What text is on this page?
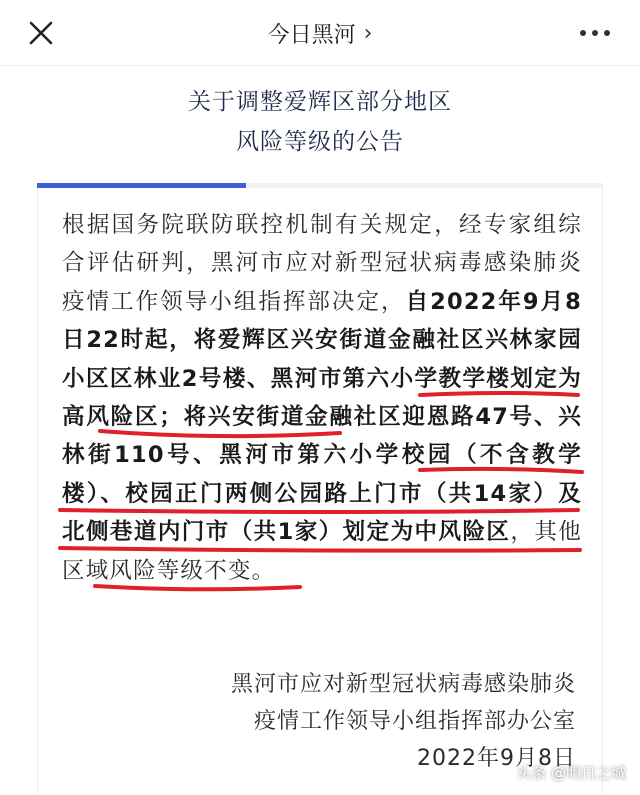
今日黑河 ›
关于调整爱辉区部分地区
风险等级的公告
根据国务院联防联控机制有关规定，经专家组综合评估研判，黑河市应对新型冠状病毒感染肺炎疫情工作领导小组指挥部决定，自2022年9月8日22时起，将爱辉区兴安街道金融社区兴林家园小区区林业2号楼、黑河市第六小学教学楼划定为高风险区；将兴安街道金融社区迎恩路47号、兴林街110号、黑河市第六小学校园（不含教学楼）、校园正门两侧公园路上门市（共14家）及北侧巷道内门市（共1家）划定为中风险区，其他区域风险等级不变。
黑河市应对新型冠状病毒感染肺炎
疫情工作领导小组指挥部办公室
2022年9月8日
头条 @明日之城
